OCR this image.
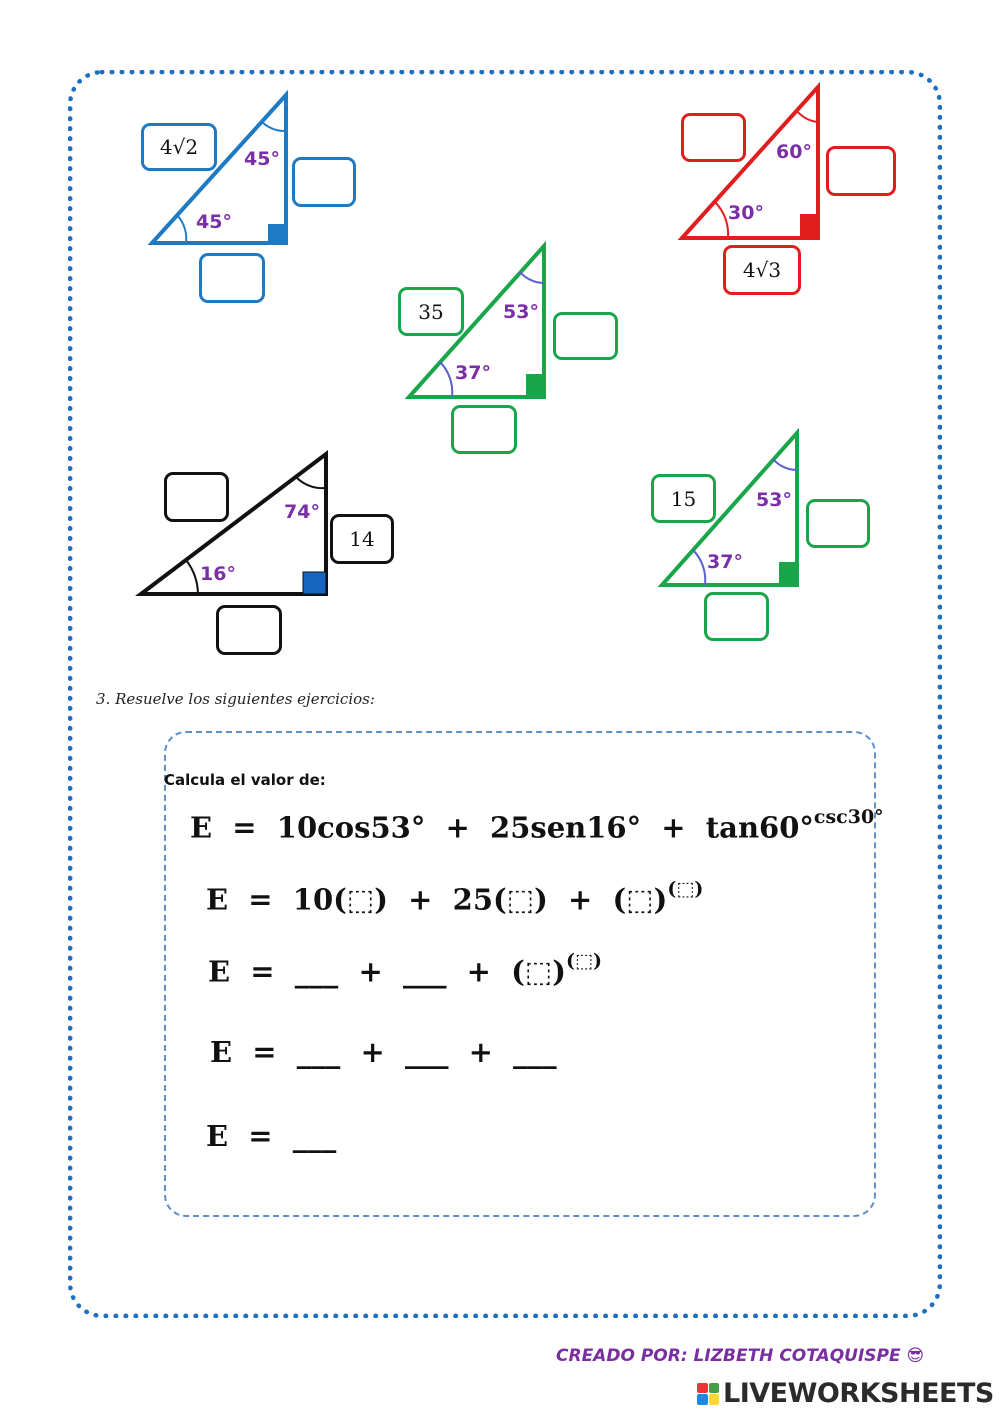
45°
45°
4√2	60°
30°
4√3
53°
37°
35
74°
16°
14
53°
37°
15
3. Resuelve los siguientes ejercicios:
Calcula el valor de:
E  =  10cos53°  +  25sen16°  +  tan60°$^{csc30^\circ}$
E  =  10(⬚)  +  25(⬚)  +  (⬚)(⬚)
E  =  ___  +  ___  +  (⬚)(⬚)
E  =  ___  +  ___  +  ___
E  =  ___
CREADO POR: LIZBETH COTAQUISPE 😎
LIVEWORKSHEETS
